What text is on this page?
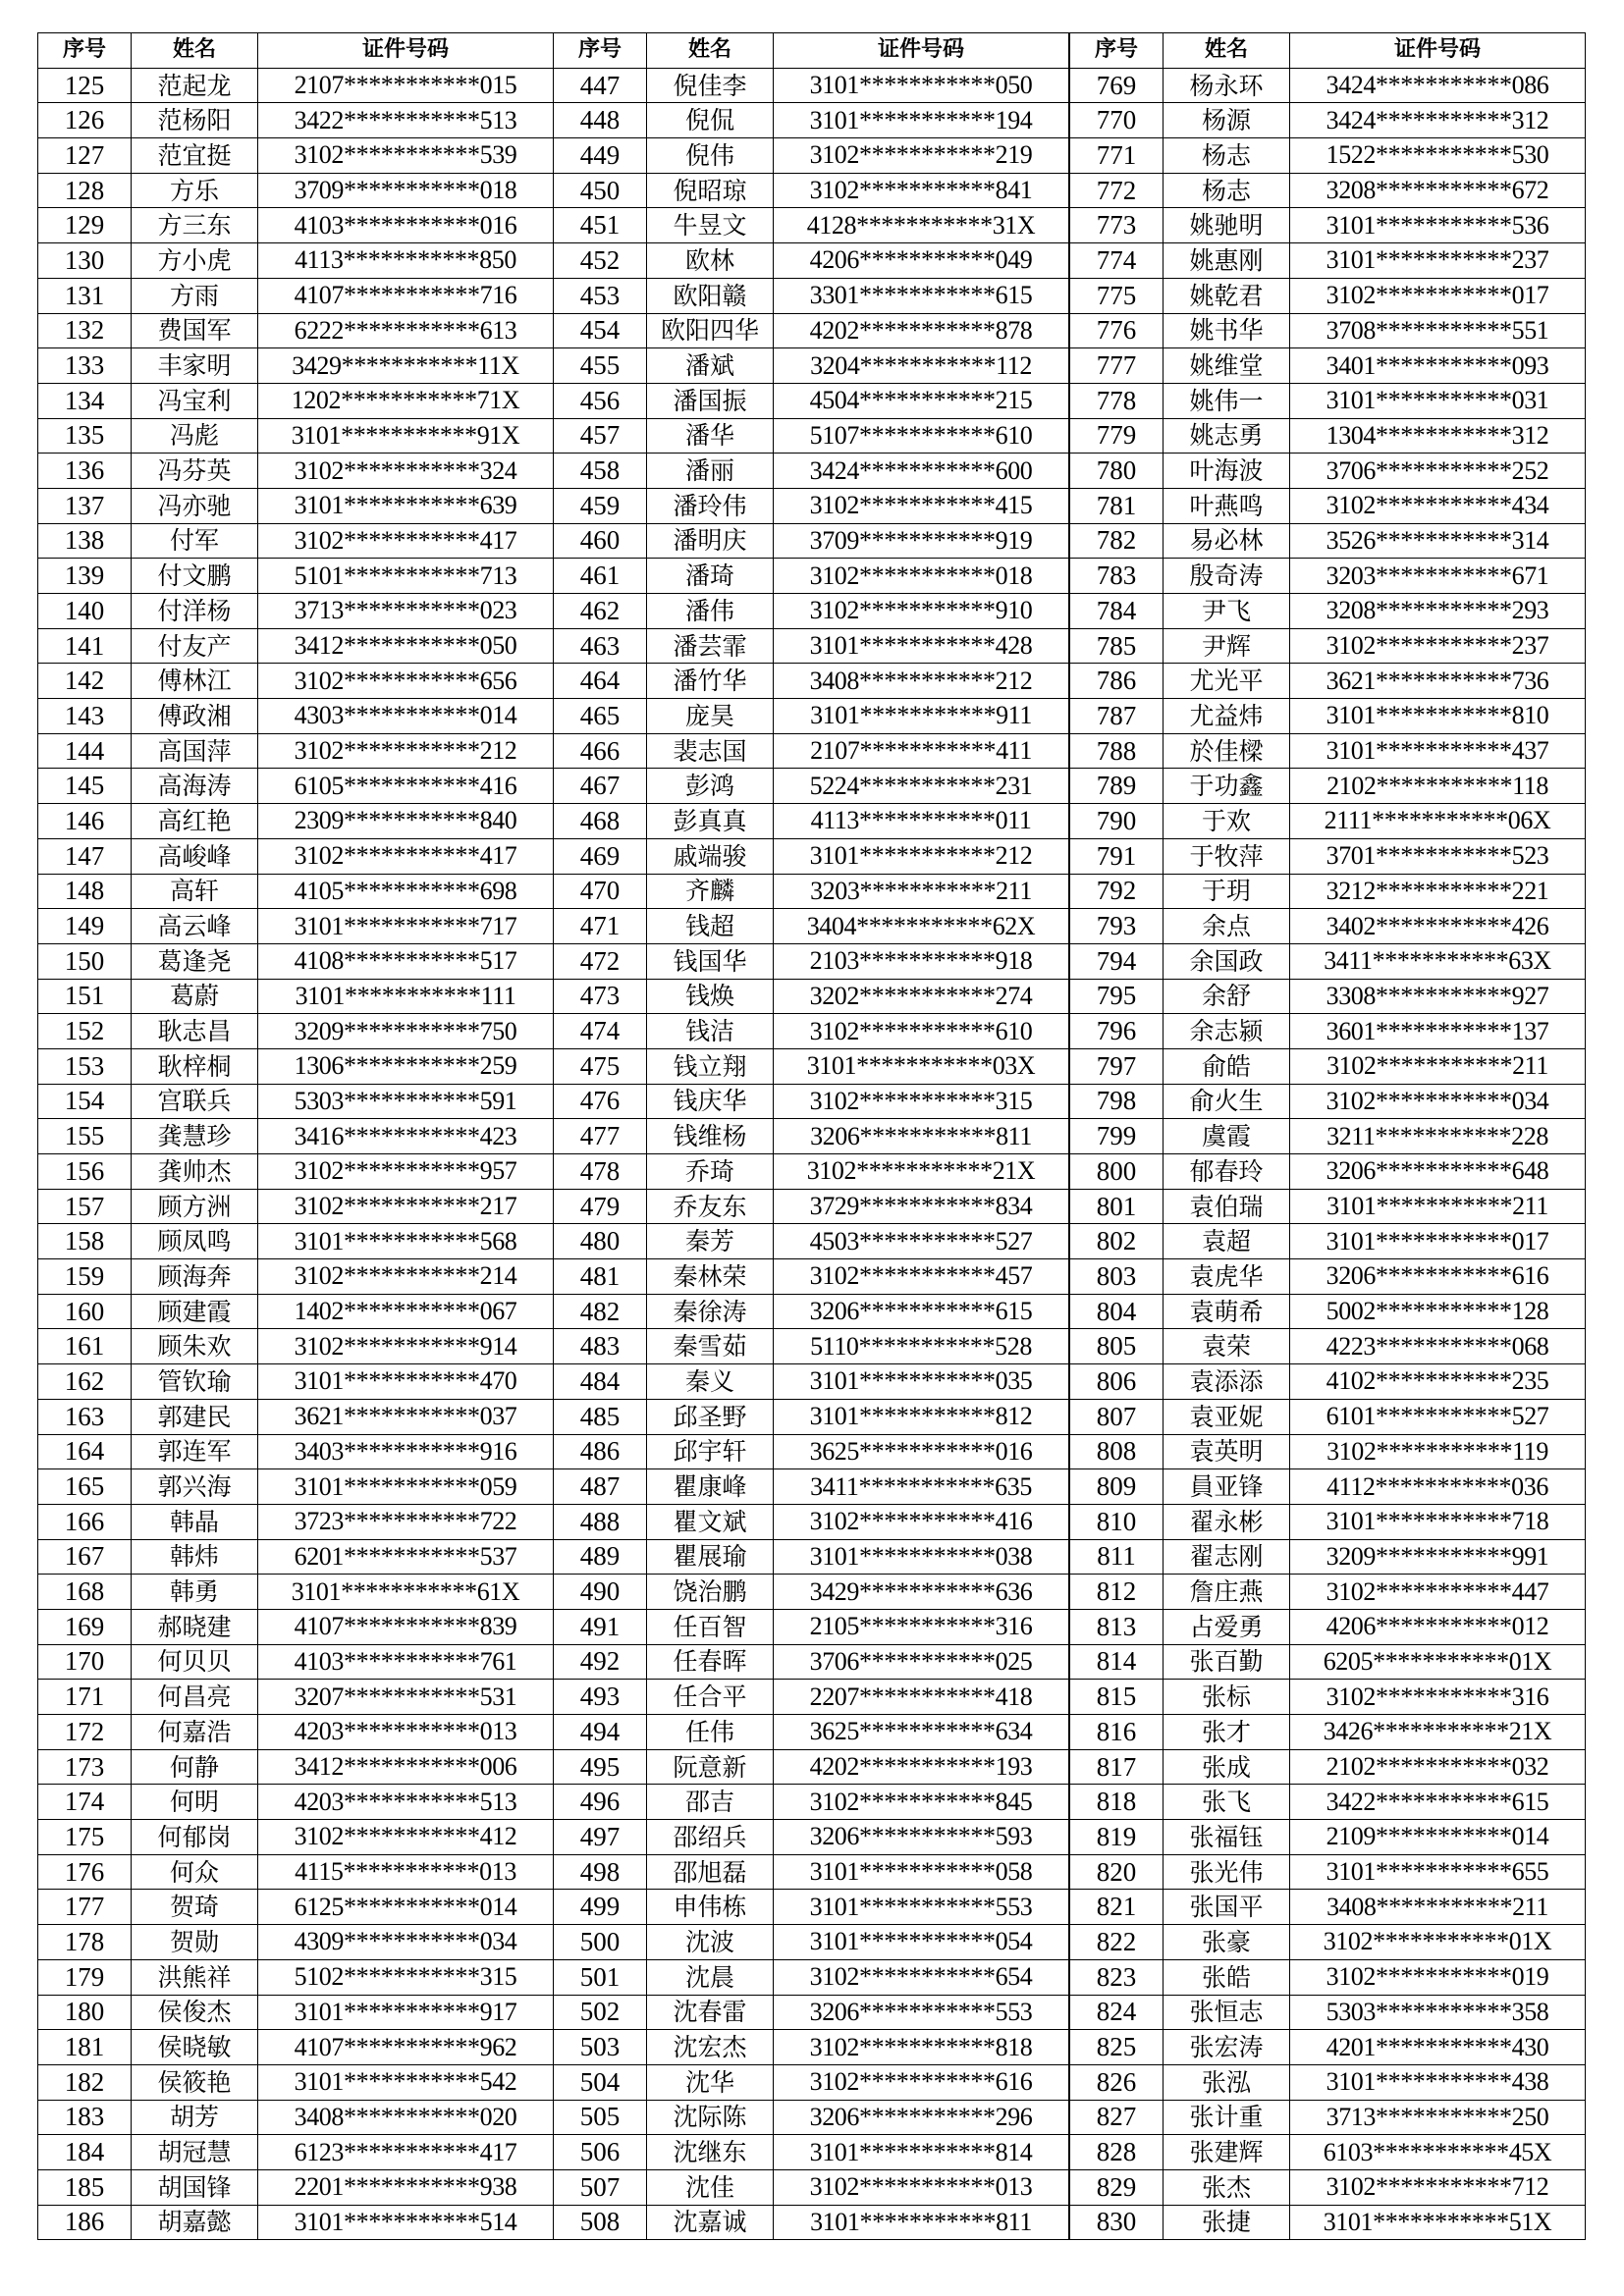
序号	姓名	证件号码
125	范起龙	2107***********015
126	范杨阳	3422***********513
127	范宜挺	3102***********539
128	方乐	3709***********018
129	方三东	4103***********016
130	方小虎	4113***********850
131	方雨	4107***********716
132	费国军	6222***********613
133	丰家明	3429***********11X
134	冯宝利	1202***********71X
135	冯彪	3101***********91X
136	冯芬英	3102***********324
137	冯亦驰	3101***********639
138	付军	3102***********417
139	付文鹏	5101***********713
140	付洋杨	3713***********023
141	付友产	3412***********050
142	傅林江	3102***********656
143	傅政湘	4303***********014
144	高国萍	3102***********212
145	高海涛	6105***********416
146	高红艳	2309***********840
147	高峻峰	3102***********417
148	高轩	4105***********698
149	高云峰	3101***********717
150	葛逢尧	4108***********517
151	葛蔚	3101***********111
152	耿志昌	3209***********750
153	耿梓桐	1306***********259
154	宫联兵	5303***********591
155	龚慧珍	3416***********423
156	龚帅杰	3102***********957
157	顾方洲	3102***********217
158	顾凤鸣	3101***********568
159	顾海奔	3102***********214
160	顾建霞	1402***********067
161	顾朱欢	3102***********914
162	管钦瑜	3101***********470
163	郭建民	3621***********037
164	郭连军	3403***********916
165	郭兴海	3101***********059
166	韩晶	3723***********722
167	韩炜	6201***********537
168	韩勇	3101***********61X
169	郝晓建	4107***********839
170	何贝贝	4103***********761
171	何昌亮	3207***********531
172	何嘉浩	4203***********013
173	何静	3412***********006
174	何明	4203***********513
175	何郁岗	3102***********412
176	何众	4115***********013
177	贺琦	6125***********014
178	贺勋	4309***********034
179	洪熊祥	5102***********315
180	侯俊杰	3101***********917
181	侯晓敏	4107***********962
182	侯筱艳	3101***********542
183	胡芳	3408***********020
184	胡冠慧	6123***********417
185	胡国锋	2201***********938
186	胡嘉懿	3101***********514
序号	姓名	证件号码
447	倪佳李	3101***********050
448	倪侃	3101***********194
449	倪伟	3102***********219
450	倪昭琼	3102***********841
451	牛昱文	4128***********31X
452	欧林	4206***********049
453	欧阳赣	3301***********615
454	欧阳四华	4202***********878
455	潘斌	3204***********112
456	潘国振	4504***********215
457	潘华	5107***********610
458	潘丽	3424***********600
459	潘玲伟	3102***********415
460	潘明庆	3709***********919
461	潘琦	3102***********018
462	潘伟	3102***********910
463	潘芸霏	3101***********428
464	潘竹华	3408***********212
465	庞昊	3101***********911
466	裴志国	2107***********411
467	彭鸿	5224***********231
468	彭真真	4113***********011
469	戚端骏	3101***********212
470	齐麟	3203***********211
471	钱超	3404***********62X
472	钱国华	2103***********918
473	钱焕	3202***********274
474	钱洁	3102***********610
475	钱立翔	3101***********03X
476	钱庆华	3102***********315
477	钱维杨	3206***********811
478	乔琦	3102***********21X
479	乔友东	3729***********834
480	秦芳	4503***********527
481	秦林荣	3102***********457
482	秦徐涛	3206***********615
483	秦雪茹	5110***********528
484	秦义	3101***********035
485	邱圣野	3101***********812
486	邱宇轩	3625***********016
487	瞿康峰	3411***********635
488	瞿文斌	3102***********416
489	瞿展瑜	3101***********038
490	饶治鹏	3429***********636
491	任百智	2105***********316
492	任春晖	3706***********025
493	任合平	2207***********418
494	任伟	3625***********634
495	阮意新	4202***********193
496	邵吉	3102***********845
497	邵绍兵	3206***********593
498	邵旭磊	3101***********058
499	申伟栋	3101***********553
500	沈波	3101***********054
501	沈晨	3102***********654
502	沈春雷	3206***********553
503	沈宏杰	3102***********818
504	沈华	3102***********616
505	沈际陈	3206***********296
506	沈继东	3101***********814
507	沈佳	3102***********013
508	沈嘉诚	3101***********811
序号	姓名	证件号码
769	杨永环	3424***********086
770	杨源	3424***********312
771	杨志	1522***********530
772	杨志	3208***********672
773	姚驰明	3101***********536
774	姚惠刚	3101***********237
775	姚乾君	3102***********017
776	姚书华	3708***********551
777	姚维堂	3401***********093
778	姚伟一	3101***********031
779	姚志勇	1304***********312
780	叶海波	3706***********252
781	叶燕鸣	3102***********434
782	易必林	3526***********314
783	殷奇涛	3203***********671
784	尹飞	3208***********293
785	尹辉	3102***********237
786	尤光平	3621***********736
787	尤益炜	3101***********810
788	於佳樑	3101***********437
789	于功鑫	2102***********118
790	于欢	2111***********06X
791	于牧萍	3701***********523
792	于玥	3212***********221
793	余点	3402***********426
794	余国政	3411***********63X
795	余舒	3308***********927
796	余志颍	3601***********137
797	俞皓	3102***********211
798	俞火生	3102***********034
799	虞霞	3211***********228
800	郁春玲	3206***********648
801	袁伯瑞	3101***********211
802	袁超	3101***********017
803	袁虎华	3206***********616
804	袁萌希	5002***********128
805	袁荣	4223***********068
806	袁添添	4102***********235
807	袁亚妮	6101***********527
808	袁英明	3102***********119
809	員亚锋	4112***********036
810	翟永彬	3101***********718
811	翟志刚	3209***********991
812	詹庄燕	3102***********447
813	占爱勇	4206***********012
814	张百勤	6205***********01X
815	张标	3102***********316
816	张才	3426***********21X
817	张成	2102***********032
818	张飞	3422***********615
819	张福钰	2109***********014
820	张光伟	3101***********655
821	张国平	3408***********211
822	张豪	3102***********01X
823	张皓	3102***********019
824	张恒志	5303***********358
825	张宏涛	4201***********430
826	张泓	3101***********438
827	张计重	3713***********250
828	张建辉	6103***********45X
829	张杰	3102***********712
830	张捷	3101***********51X
